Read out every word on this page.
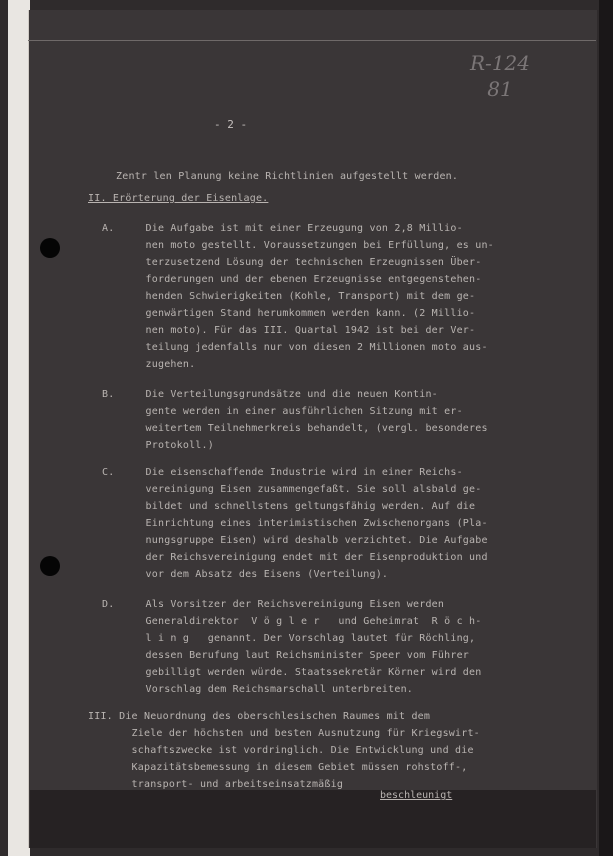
R-124
81
- 2 -
Zentr len Planung keine Richtlinien aufgestellt werden.
II. Erörterung der Eisenlage.
A.     Die Aufgabe ist mit einer Erzeugung von 2,8 Millio-
nen moto gestellt. Voraussetzungen bei Erfüllung, es un-
terzusetzend Lösung der technischen Erzeugnissen Über-
forderungen und der ebenen Erzeugnisse entgegenstehen-
henden Schwierigkeiten (Kohle, Transport) mit dem ge-
genwärtigen Stand herumkommen werden kann. (2 Millio-
nen moto). Für das III. Quartal 1942 ist bei der Ver-
teilung jedenfalls nur von diesen 2 Millionen moto aus-
zugehen.
B.     Die Verteilungsgrundsätze und die neuen Kontin-
gente werden in einer ausführlichen Sitzung mit er-
weitertem Teilnehmerkreis behandelt, (vergl. besonderes
Protokoll.)
C.     Die eisenschaffende Industrie wird in einer Reichs-
vereinigung Eisen zusammengefaßt. Sie soll alsbald ge-
bildet und schnellstens geltungsfähig werden. Auf die
Einrichtung eines interimistischen Zwischenorgans (Pla-
nungsgruppe Eisen) wird deshalb verzichtet. Die Aufgabe
der Reichsvereinigung endet mit der Eisenproduktion und
vor dem Absatz des Eisens (Verteilung).
D.     Als Vorsitzer der Reichsvereinigung Eisen werden
Generaldirektor  V ö g l e r   und Geheimrat  R ö c h-
l i n g   genannt. Der Vorschlag lautet für Röchling,
dessen Berufung laut Reichsminister Speer vom Führer
gebilligt werden würde. Staatssekretär Körner wird den
Vorschlag dem Reichsmarschall unterbreiten.
III. Die Neuordnung des oberschlesischen Raumes mit dem
Ziele der höchsten und besten Ausnutzung für Kriegswirt-
schaftszwecke ist vordringlich. Die Entwicklung und die
Kapazitätsbemessung in diesem Gebiet müssen rohstoff-,
transport- und arbeitseinsatzmäßig
beschleunigt
